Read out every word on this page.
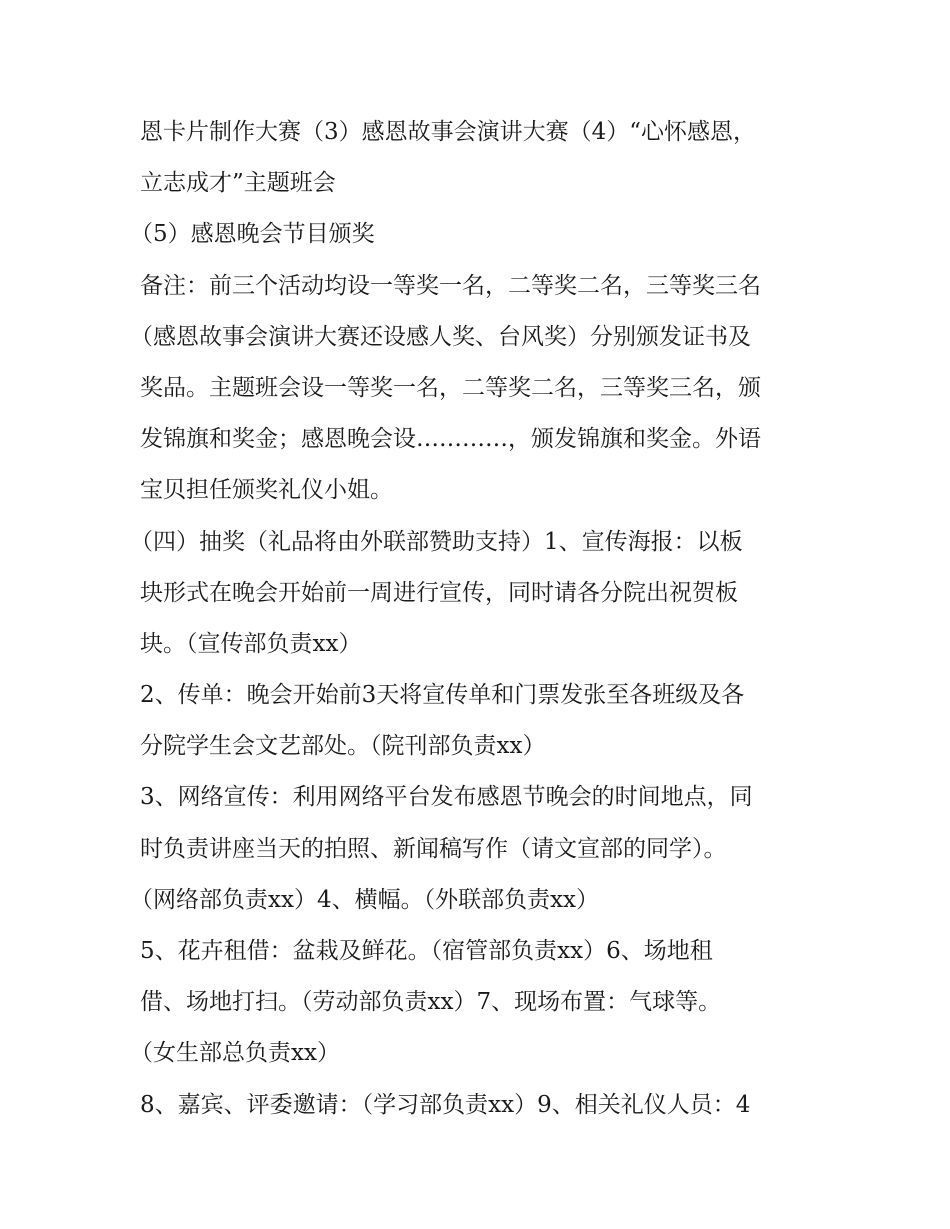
恩卡片制作大赛（3）感恩故事会演讲大赛（4）“心怀感恩，
立志成才”主题班会
（5）感恩晚会节目颁奖
备注：前三个活动均设一等奖一名，二等奖二名，三等奖三名
（感恩故事会演讲大赛还设感人奖、台风奖）分别颁发证书及
奖品。主题班会设一等奖一名，二等奖二名，三等奖三名，颁
发锦旗和奖金；感恩晚会设…………，颁发锦旗和奖金。外语
宝贝担任颁奖礼仪小姐。
（四）抽奖（礼品将由外联部赞助支持）1、宣传海报：以板
块形式在晚会开始前一周进行宣传，同时请各分院出祝贺板
块。（宣传部负责xx）
2、传单：晚会开始前3天将宣传单和门票发张至各班级及各
分院学生会文艺部处。（院刊部负责xx）
3、网络宣传：利用网络平台发布感恩节晚会的时间地点，同
时负责讲座当天的拍照、新闻稿写作（请文宣部的同学）。
（网络部负责xx）4、横幅。（外联部负责xx）
5、花卉租借：盆栽及鲜花。（宿管部负责xx）6、场地租
借、场地打扫。（劳动部负责xx）7、现场布置：气球等。
（女生部总负责xx）
8、嘉宾、评委邀请：（学习部负责xx）9、相关礼仪人员：4
